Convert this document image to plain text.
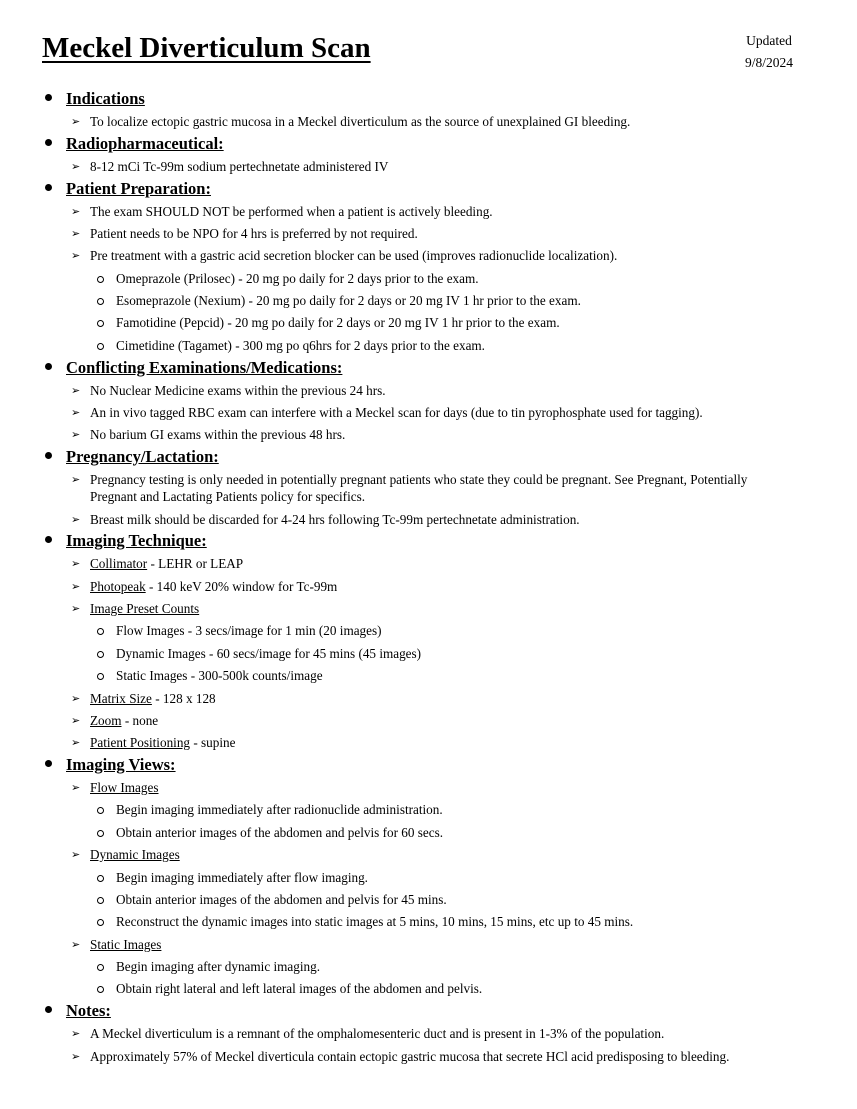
Meckel Diverticulum Scan	Updated
9/8/2024
Indications
➢ To localize ectopic gastric mucosa in a Meckel diverticulum as the source of unexplained GI bleeding.
Radiopharmaceutical:
➢ 8-12 mCi Tc-99m sodium pertechnetate administered IV
Patient Preparation:
➢ The exam SHOULD NOT be performed when a patient is actively bleeding.
➢ Patient needs to be NPO for 4 hrs is preferred by not required.
➢ Pre treatment with a gastric acid secretion blocker can be used (improves radionuclide localization).
Omeprazole (Prilosec) - 20 mg po daily for 2 days prior to the exam.
Esomeprazole (Nexium) - 20 mg po daily for 2 days or 20 mg IV 1 hr prior to the exam.
Famotidine (Pepcid) - 20 mg po daily for 2 days or 20 mg IV 1 hr prior to the exam.
Cimetidine (Tagamet) - 300 mg po q6hrs for 2 days prior to the exam.
Conflicting Examinations/Medications:
➢ No Nuclear Medicine exams within the previous 24 hrs.
➢ An in vivo tagged RBC exam can interfere with a Meckel scan for days (due to tin pyrophosphate used for tagging).
➢ No barium GI exams within the previous 48 hrs.
Pregnancy/Lactation:
➢ Pregnancy testing is only needed in potentially pregnant patients who state they could be pregnant. See Pregnant, Potentially Pregnant and Lactating Patients policy for specifics.
➢ Breast milk should be discarded for 4-24 hrs following Tc-99m pertechnetate administration.
Imaging Technique:
➢ Collimator - LEHR or LEAP
➢ Photopeak - 140 keV 20% window for Tc-99m
➢ Image Preset Counts
Flow Images - 3 secs/image for 1 min (20 images)
Dynamic Images - 60 secs/image for 45 mins (45 images)
Static Images - 300-500k counts/image
➢ Matrix Size - 128 x 128
➢ Zoom - none
➢ Patient Positioning - supine
Imaging Views:
➢ Flow Images
Begin imaging immediately after radionuclide administration.
Obtain anterior images of the abdomen and pelvis for 60 secs.
➢ Dynamic Images
Begin imaging immediately after flow imaging.
Obtain anterior images of the abdomen and pelvis for 45 mins.
Reconstruct the dynamic images into static images at 5 mins, 10 mins, 15 mins, etc up to 45 mins.
➢ Static Images
Begin imaging after dynamic imaging.
Obtain right lateral and left lateral images of the abdomen and pelvis.
Notes:
➢ A Meckel diverticulum is a remnant of the omphalomesenteric duct and is present in 1-3% of the population.
➢ Approximately 57% of Meckel diverticula contain ectopic gastric mucosa that secrete HCl acid predisposing to bleeding.
